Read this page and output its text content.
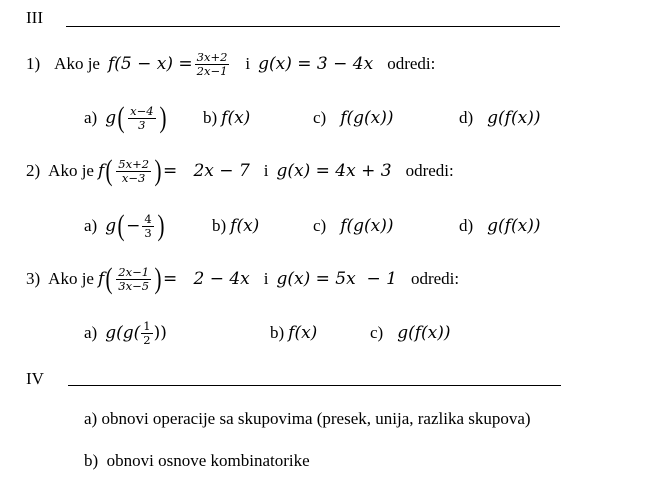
III
1) Ako je $f(5 - x) = \frac{3x+2}{2x-1}$ i g(x) = 3 − 4x odredi:
a) g ( $\frac{x-4}{3}$ ) b) f(x)	c) f(g(x))	d) g(f(x))
2) Ako je f ( $\frac{5x+2}{x-3}$ ) =   2x − 7 i g(x) = 4x + 3 odredi:
a) g ( − $\frac{4}{3}$ )	b) f(x)	c) f(g(x))	d) g(f(x))
3) Ako je f ( $\frac{2x-1}{3x-5}$ ) =   2 − 4x i g(x) = 5x  − 1 odredi:
a) $g(g( \frac{1}{2}$ ))	b) f(x)	c) g(f(x))
IV
a) obnovi operacije sa skupovima (presek, unija, razlika skupova)
b)  obnovi osnove kombinatorike
